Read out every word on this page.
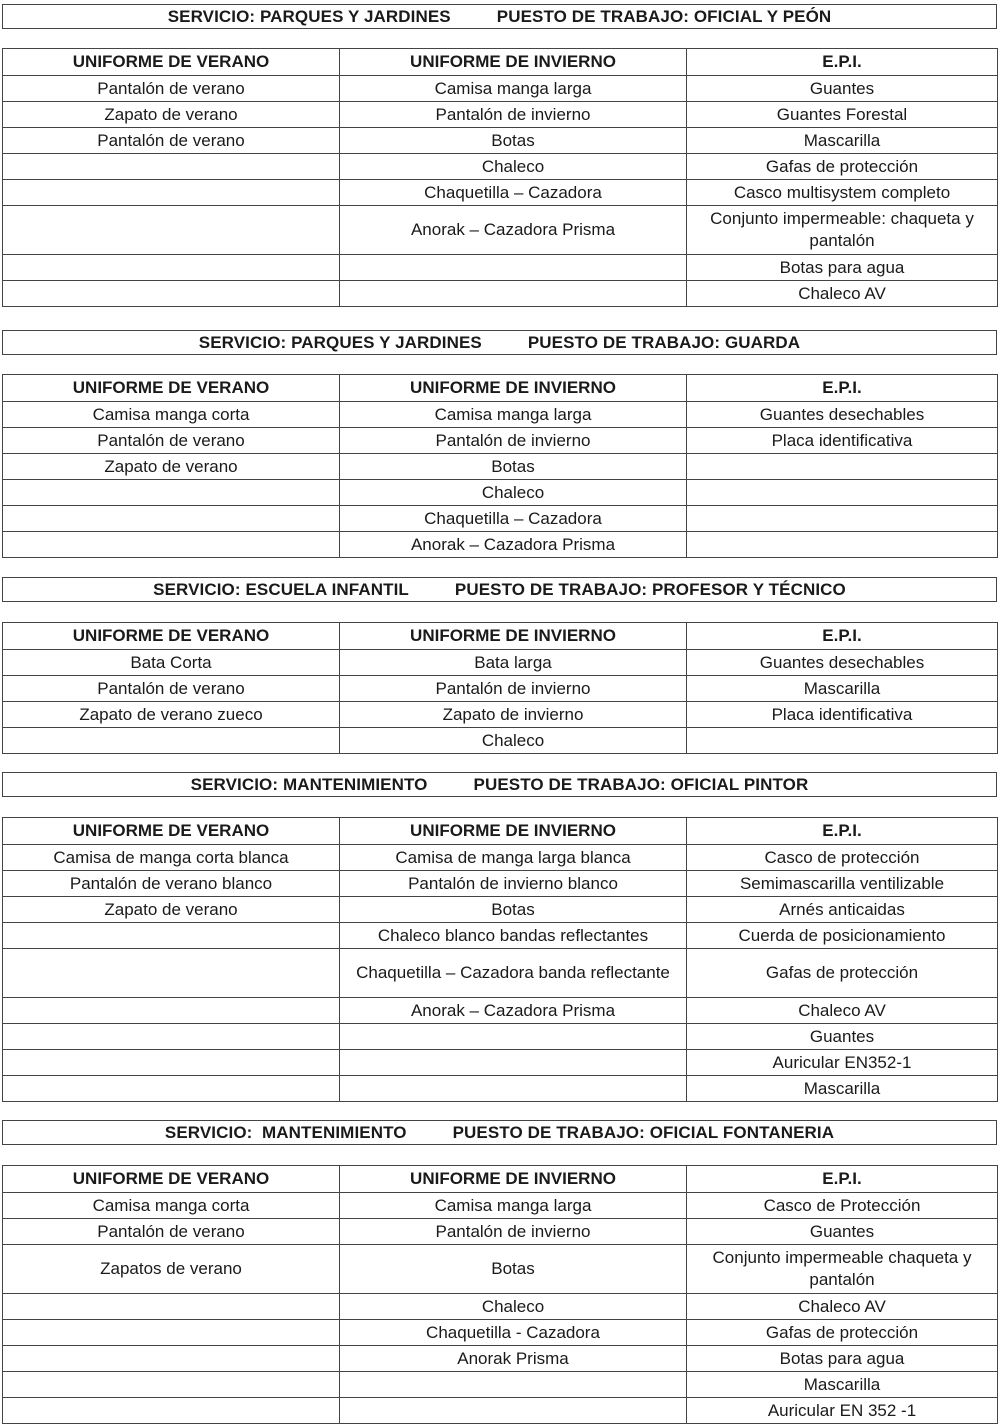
SERVICIO: PARQUES Y JARDINES	PUESTO DE TRABAJO: OFICIAL Y PEÓN
UNIFORME DE VERANO	UNIFORME DE INVIERNO	E.P.I.
Pantalón de verano	Camisa manga larga	Guantes
Zapato de verano	Pantalón de invierno	Guantes Forestal
Pantalón de verano	Botas	Mascarilla
	Chaleco	Gafas de protección
	Chaquetilla – Cazadora	Casco multisystem completo
	Anorak – Cazadora Prisma	Conjunto impermeable: chaqueta y pantalón
		Botas para agua
		Chaleco AV
SERVICIO: PARQUES Y JARDINES	PUESTO DE TRABAJO: GUARDA
UNIFORME DE VERANO	UNIFORME DE INVIERNO	E.P.I.
Camisa manga corta	Camisa manga larga	Guantes desechables
Pantalón de verano	Pantalón de invierno	Placa identificativa
Zapato de verano	Botas	
	Chaleco	
	Chaquetilla – Cazadora	
	Anorak – Cazadora Prisma	
SERVICIO: ESCUELA INFANTIL	PUESTO DE TRABAJO: PROFESOR Y TÉCNICO
UNIFORME DE VERANO	UNIFORME DE INVIERNO	E.P.I.
Bata Corta	Bata larga	Guantes desechables
Pantalón de verano	Pantalón de invierno	Mascarilla
Zapato de verano zueco	Zapato de invierno	Placa identificativa
	Chaleco	
SERVICIO: MANTENIMIENTO	PUESTO DE TRABAJO: OFICIAL PINTOR
UNIFORME DE VERANO	UNIFORME DE INVIERNO	E.P.I.
Camisa de manga corta blanca	Camisa de manga larga blanca	Casco de protección
Pantalón de verano blanco	Pantalón de invierno blanco	Semimascarilla ventilizable
Zapato de verano	Botas	Arnés anticaidas
	Chaleco blanco bandas reflectantes	Cuerda de posicionamiento
	Chaquetilla – Cazadora banda reflectante	Gafas de protección
	Anorak – Cazadora Prisma	Chaleco AV
		Guantes
		Auricular EN352-1
		Mascarilla
SERVICIO:  MANTENIMIENTO	PUESTO DE TRABAJO: OFICIAL FONTANERIA
UNIFORME DE VERANO	UNIFORME DE INVIERNO	E.P.I.
Camisa manga corta	Camisa manga larga	Casco de Protección
Pantalón de verano	Pantalón de invierno	Guantes
Zapatos de verano	Botas	Conjunto impermeable chaqueta y pantalón
	Chaleco	Chaleco AV
	Chaquetilla - Cazadora	Gafas de protección
	Anorak Prisma	Botas para agua
		Mascarilla
		Auricular EN 352 -1
